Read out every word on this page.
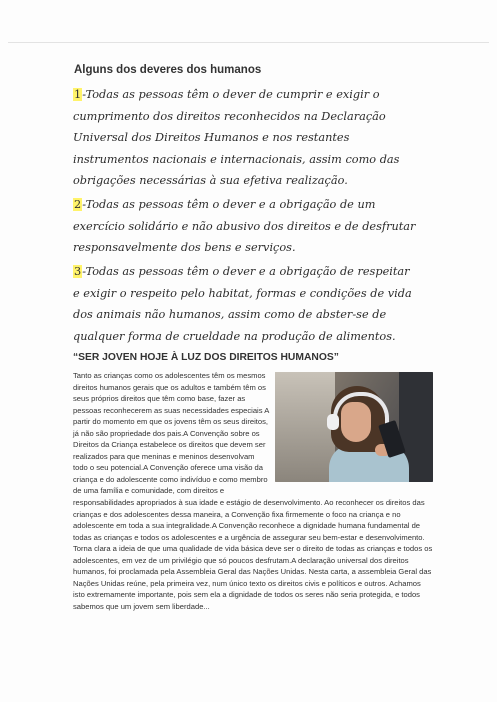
Alguns dos deveres dos humanos
1-Todas as pessoas têm o dever de cumprir e exigir o cumprimento dos direitos reconhecidos na Declaração Universal dos Direitos Humanos e nos restantes instrumentos nacionais e internacionais, assim como das obrigações necessárias à sua efetiva realização.
2-Todas as pessoas têm o dever e a obrigação de um exercício solidário e não abusivo dos direitos e de desfrutar responsavelmente dos bens e serviços.
3-Todas as pessoas têm o dever e a obrigação de respeitar e exigir o respeito pelo habitat, formas e condições de vida dos animais não humanos, assim como de abster-se de qualquer forma de crueldade na produção de alimentos.
“SER JOVEN HOJE À LUZ DOS DIREITOS HUMANOS”
Tanto as crianças como os adolescentes têm os mesmos direitos humanos gerais que os adultos e também têm os seus próprios direitos que têm como base, fazer as pessoas reconhecerem as suas necessidades especiais A partir do momento em que os jovens têm os seus direitos, já não são propriedade dos pais.A Convenção sobre os Direitos da Criança estabelece os direitos que devem ser realizados para que meninas e meninos desenvolvam todo o seu potencial.A Convenção oferece uma visão da criança e do adolescente como indivíduo e como membro de uma família e comunidade, com direitos e responsabilidades apropriados à sua idade e estágio de desenvolvimento. Ao reconhecer os direitos das crianças e dos adolescentes dessa maneira, a Convenção fixa firmemente o foco na criança e no adolescente em toda a sua integralidade.A Convenção reconhece a dignidade humana fundamental de todas as crianças e todos os adolescentes e a urgência de assegurar seu bem-estar e desenvolvimento. Torna clara a ideia de que uma qualidade de vida básica deve ser o direito de todas as crianças e todos os adolescentes, em vez de um privilégio que só poucos desfrutam.A declaração universal dos direitos humanos, foi proclamada pela Assembleia Geral das Nações Unidas. Nesta carta, a assembleia Geral das Nações Unidas reúne, pela primeira vez, num único texto os direitos civis e políticos e outros. Achamos isto extremamente importante, pois sem ela a dignidade de todos os seres não seria protegida, e todos sabemos que um jovem sem liberdade...
